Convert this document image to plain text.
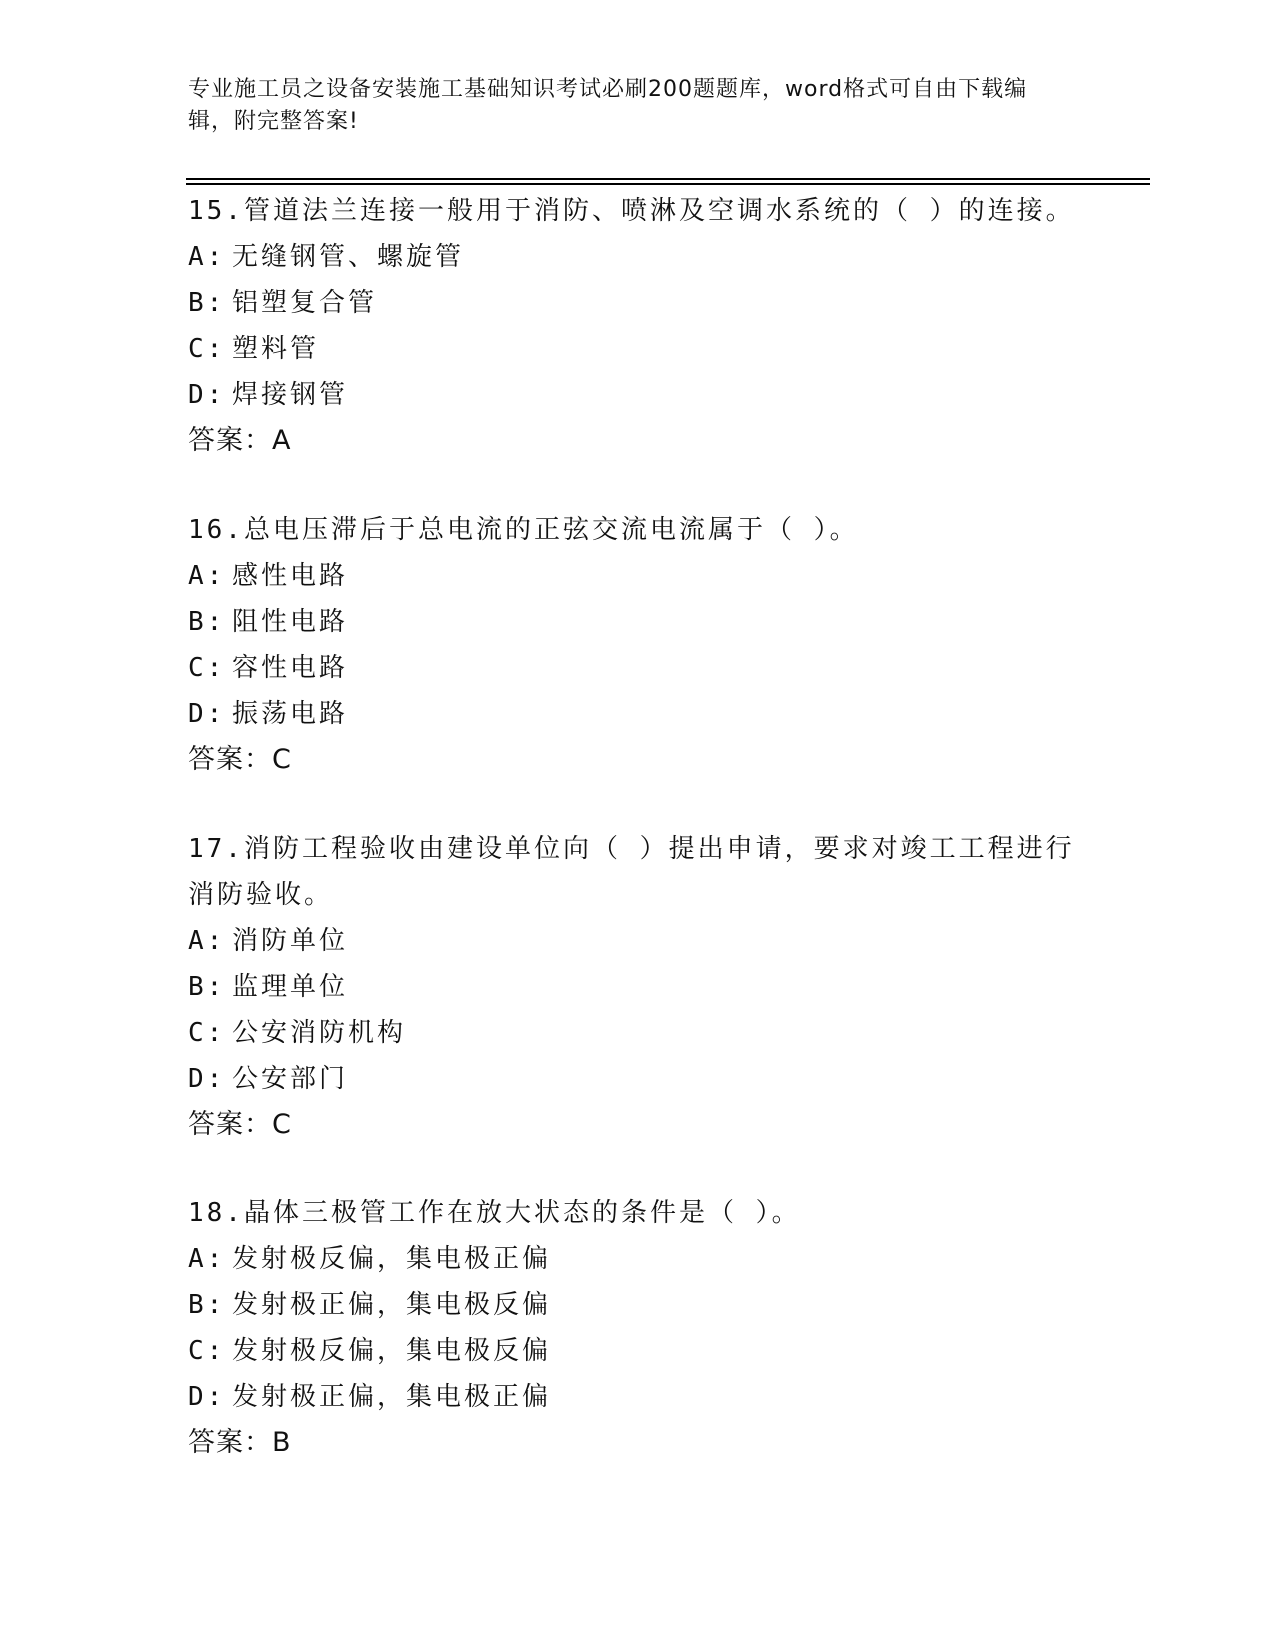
专业施工员之设备安装施工基础知识考试必刷200题题库，word格式可自由下载编辑，附完整答案!
15.管道法兰连接一般用于消防、喷淋及空调水系统的（ ）的连接。
A: 无缝钢管、螺旋管
B: 铝塑复合管
C: 塑料管
D: 焊接钢管
答案：A
16.总电压滞后于总电流的正弦交流电流属于（ ）。
A: 感性电路
B: 阻性电路
C: 容性电路
D: 振荡电路
答案：C
17.消防工程验收由建设单位向（ ）提出申请，要求对竣工工程进行消防验收。
A: 消防单位
B: 监理单位
C: 公安消防机构
D: 公安部门
答案：C
18.晶体三极管工作在放大状态的条件是（ ）。
A: 发射极反偏，集电极正偏
B: 发射极正偏，集电极反偏
C: 发射极反偏，集电极反偏
D: 发射极正偏，集电极正偏
答案：B
